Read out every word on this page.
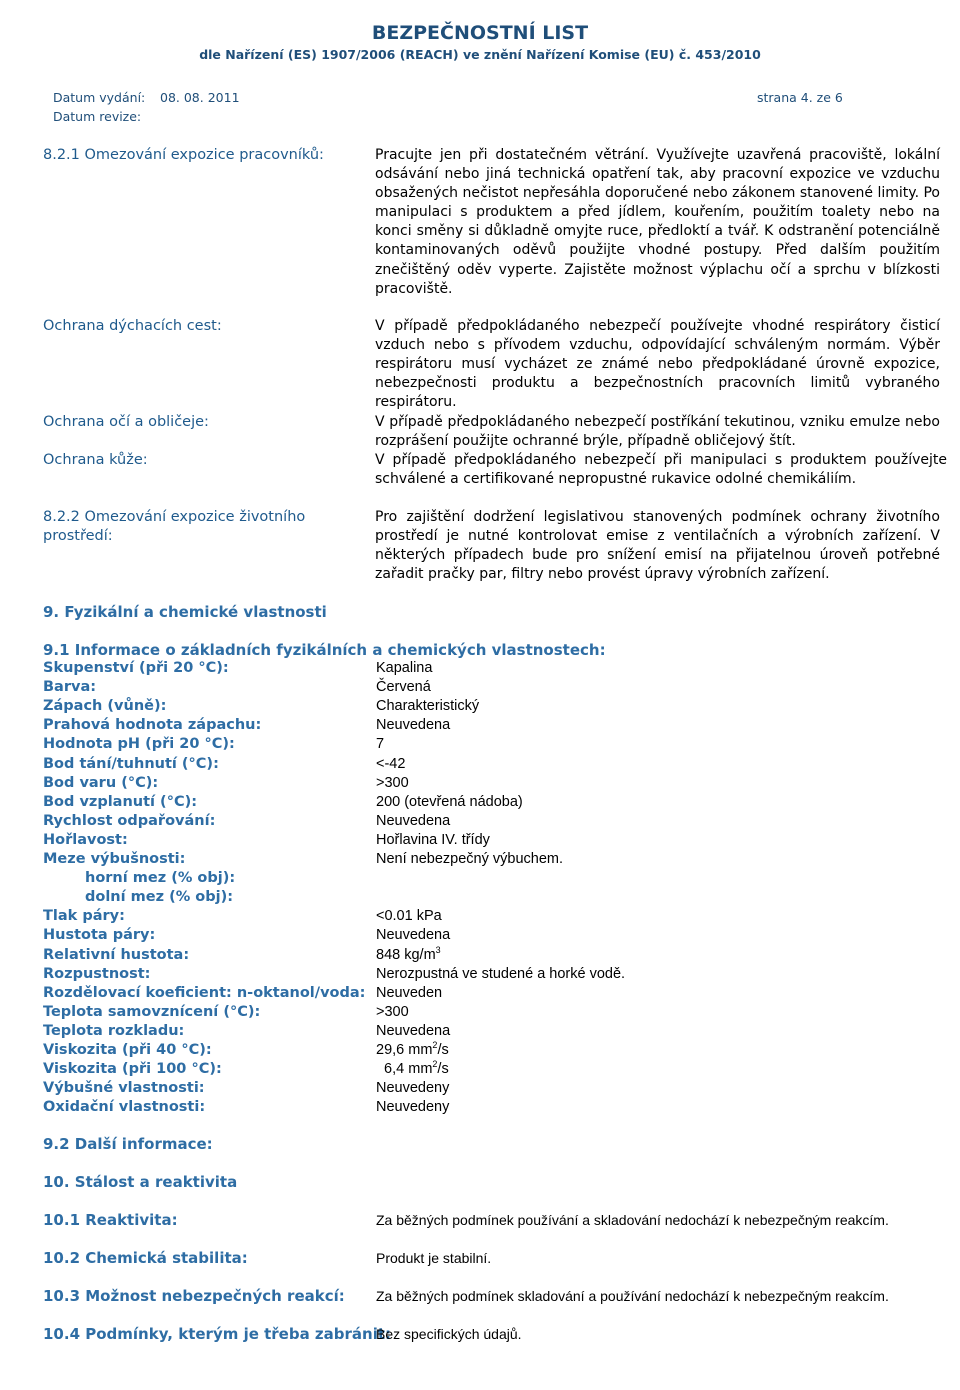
BEZPEČNOSTNÍ LIST
dle Nařízení (ES) 1907/2006 (REACH) ve znění Nařízení Komise (EU) č. 453/2010
Datum vydání: 08. 08. 2011
Datum revize:
strana 4. ze 6
8.2.1 Omezování expozice pracovníků:	Pracujte jen při dostatečném větrání. Využívejte uzavřená pracoviště, lokální odsávání nebo jiná technická opatření tak, aby pracovní expozice ve vzduchu obsažených nečistot nepřesáhla doporučené nebo zákonem stanovené limity. Po manipulaci s produktem a před jídlem, kouřením, použitím toalety nebo na konci směny si důkladně omyjte ruce, předloktí a tvář. K odstranění potenciálně kontaminovaných oděvů použijte vhodné postupy. Před dalším použitím znečištěný oděv vyperte. Zajistěte možnost výplachu očí a sprchu v blízkosti pracoviště.
Ochrana dýchacích cest:	V případě předpokládaného nebezpečí používejte vhodné respirátory čisticí vzduch nebo s přívodem vzduchu, odpovídající schváleným normám. Výběr respirátoru musí vycházet ze známé nebo předpokládané úrovně expozice, nebezpečnosti produktu a bezpečnostních pracovních limitů vybraného respirátoru.
Ochrana očí a obličeje:	V případě předpokládaného nebezpečí postříkání tekutinou, vzniku emulze nebo rozprášení použijte ochranné brýle, případně obličejový štít.
Ochrana kůže:	V případě předpokládaného nebezpečí při manipulaci s produktem používejte schválené a certifikované nepropustné rukavice odolné chemikáliím.
8.2.2 Omezování expozice životního
prostředí:
Pro zajištění dodržení legislativou stanovených podmínek ochrany životního prostředí je nutné kontrolovat emise z ventilačních a výrobních zařízení. V některých případech bude pro snížení emisí na přijatelnou úroveň potřebné zařadit pračky par, filtry nebo provést úpravy výrobních zařízení.
9. Fyzikální a chemické vlastnosti
9.1 Informace o základních fyzikálních a chemických vlastnostech:
Skupenství (při 20 °C):	Kapalina
Barva:	Červená
Zápach (vůně):	Charakteristický
Prahová hodnota zápachu:	Neuvedena
Hodnota pH (při 20 °C):	7
Bod tání/tuhnutí (°C):	<-42
Bod varu (°C):	>300
Bod vzplanutí (°C):	200 (otevřená nádoba)
Rychlost odpařování:	Neuvedena
Hořlavost:	Hořlavina IV. třídy
Meze výbušnosti:	Není nebezpečný výbuchem.
horní mez (% obj):
dolní mez (% obj):
Tlak páry:	<0.01 kPa
Hustota páry:	Neuvedena
Relativní hustota:	848 $kg/m^3$
Rozpustnost:	Nerozpustná ve studené a horké vodě.
Rozdělovací koeficient: n-oktanol/voda: Neuveden
Teplota samovznícení (°C):	>300
Teplota rozkladu:	Neuvedena
Viskozita (při 40 °C):	29,6 $mm^2/s$
Viskozita (při 100 °C):	6,4 $mm^2/s$
Výbušné vlastnosti:	Neuvedeny
Oxidační vlastnosti:	Neuvedeny
9.2 Další informace:
10. Stálost a reaktivita
10.1 Reaktivita:	Za běžných podmínek používání a skladování nedochází k nebezpečným reakcím.
10.2 Chemická stabilita:	Produkt je stabilní.
10.3 Možnost nebezpečných reakcí: Za běžných podmínek skladování a používání nedochází k nebezpečným reakcím.
10.4 Podmínky, kterým je třeba zabránit:
Bez specifických údajů.
